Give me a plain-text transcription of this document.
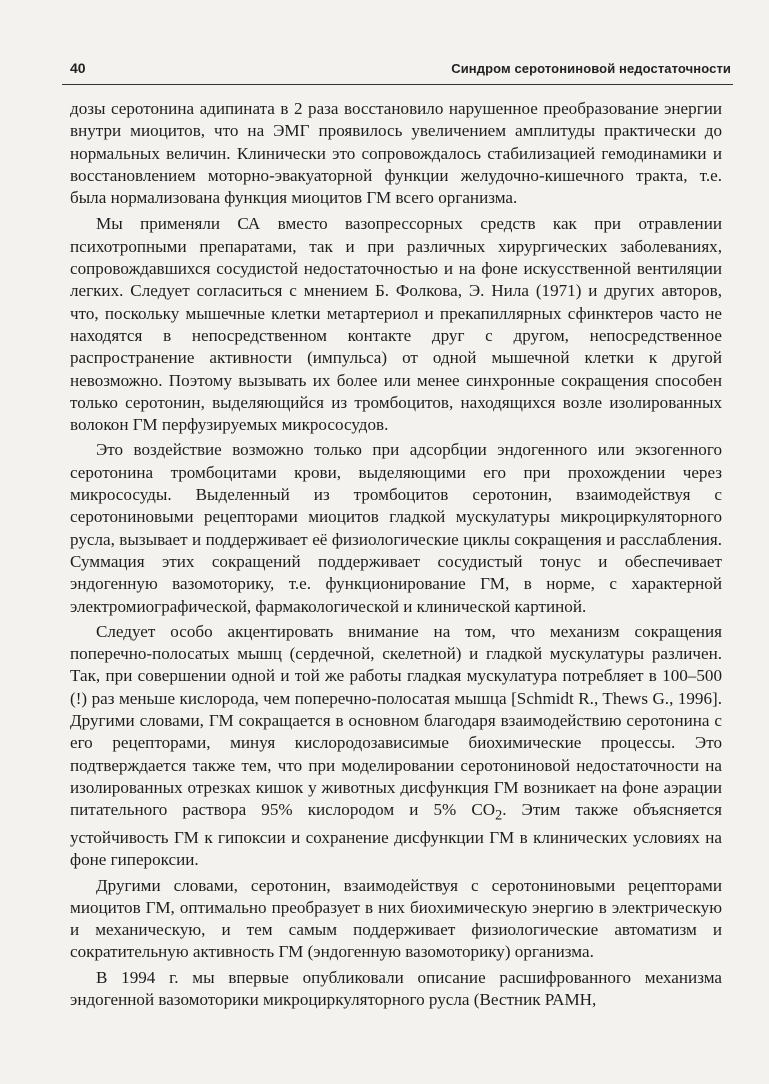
40	Синдром серотониновой недостаточности

дозы серотонина адипината в 2 раза восстановило нарушенное преобразование энергии внутри миоцитов, что на ЭМГ проявилось увеличением амплитуды практически до нормальных величин. Клинически это сопровождалось стабилизацией гемодинамики и восстановлением моторно-эвакуаторной функции желудочно-кишечного тракта, т.е. была нормализована функция миоцитов ГМ всего организма.

Мы применяли СА вместо вазопрессорных средств как при отравлении психотропными препаратами, так и при различных хирургических заболеваниях, сопровождавшихся сосудистой недостаточностью и на фоне искусственной вентиляции легких. Следует согласиться с мнением Б. Фолкова, Э. Нила (1971) и других авторов, что, поскольку мышечные клетки метартериол и прекапиллярных сфинктеров часто не находятся в непосредственном контакте друг с другом, непосредственное распространение активности (импульса) от одной мышечной клетки к другой невозможно. Поэтому вызывать их более или менее синхронные сокращения способен только серотонин, выделяющийся из тромбоцитов, находящихся возле изолированных волокон ГМ перфузируемых микрососудов.

Это воздействие возможно только при адсорбции эндогенного или экзогенного серотонина тромбоцитами крови, выделяющими его при прохождении через микрососуды. Выделенный из тромбоцитов серотонин, взаимодействуя с серотониновыми рецепторами миоцитов гладкой мускулатуры микроциркуляторного русла, вызывает и поддерживает её физиологические циклы сокращения и расслабления. Суммация этих сокращений поддерживает сосудистый тонус и обеспечивает эндогенную вазомоторику, т.е. функционирование ГМ, в норме, с характерной электромиографической, фармакологической и клинической картиной.

Следует особо акцентировать внимание на том, что механизм сокращения поперечно-полосатых мышц (сердечной, скелетной) и гладкой мускулатуры различен. Так, при совершении одной и той же работы гладкая мускулатура потребляет в 100–500 (!) раз меньше кислорода, чем поперечно-полосатая мышца [Schmidt R., Thews G., 1996]. Другими словами, ГМ сокращается в основном благодаря взаимодействию серотонина с его рецепторами, минуя кислородозависимые биохимические процессы. Это подтверждается также тем, что при моделировании серотониновой недостаточности на изолированных отрезках кишок у животных дисфункция ГМ возникает на фоне аэрации питательного раствора 95% кислородом и 5% $CO_2$. Этим также объясняется устойчивость ГМ к гипоксии и сохранение дисфункции ГМ в клинических условиях на фоне гипероксии.

Другими словами, серотонин, взаимодействуя с серотониновыми рецепторами миоцитов ГМ, оптимально преобразует в них биохимическую энергию в электрическую и механическую, и тем самым поддерживает физиологические автоматизм и сократительную активность ГМ (эндогенную вазомоторику) организма.

В 1994 г. мы впервые опубликовали описание расшифрованного механизма эндогенной вазомоторики микроциркуляторного русла (Вестник РАМН,
